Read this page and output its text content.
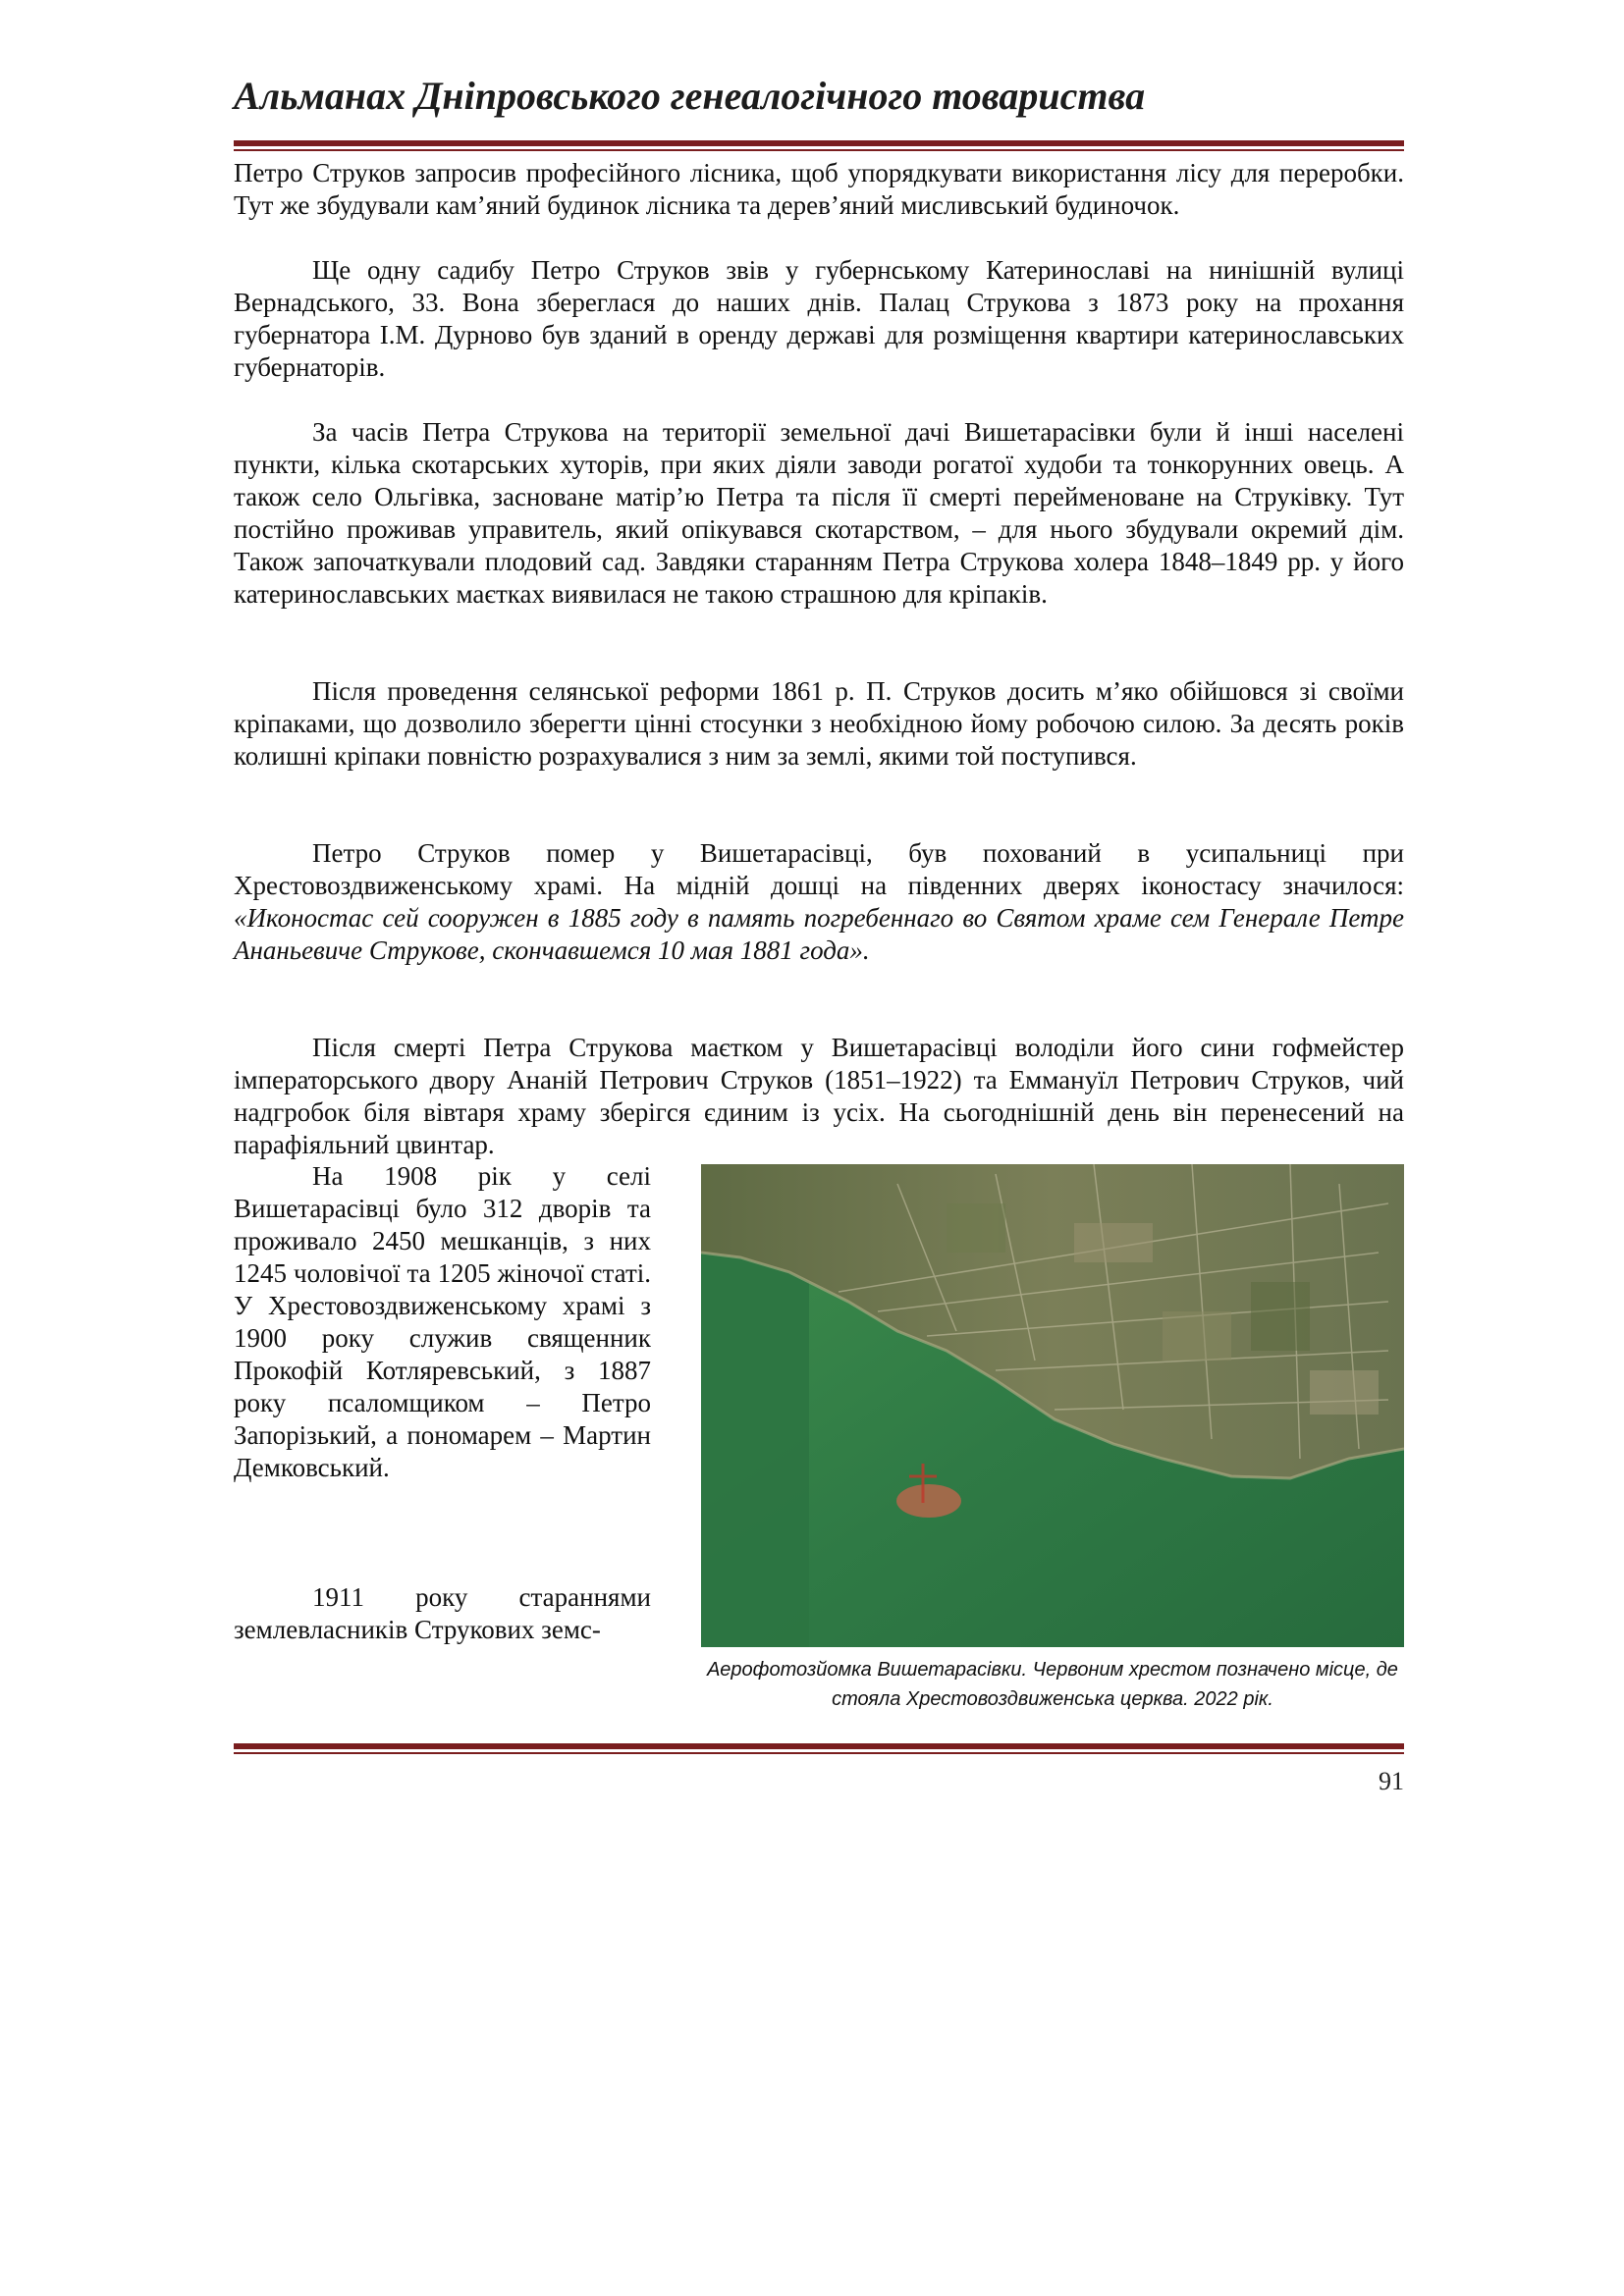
Альманах Дніпровського генеалогічного товариства

Петро Струков запросив професійного лісника, щоб упорядкувати використання лісу для переробки. Тут же збудували кам’яний будинок лісника та дерев’яний мисливський будиночок.

Ще одну садибу Петро Струков звів у губернському Катеринославі на нинішній вулиці Вернадського, 33. Вона збереглася до наших днів. Палац Струкова з 1873 року на прохання губернатора І.М. Дурново був зданий в оренду державі для розміщення квартири катеринославських губернаторів.

За часів Петра Струкова на території земельної дачі Вишетарасівки були й інші населені пункти, кілька скотарських хуторів, при яких діяли заводи рогатої худоби та тонкорунних овець. А також село Ольгівка, засноване матір’ю Петра та після її смерті перейменоване на Струківку. Тут постійно проживав управитель, який опікувався скотарством, – для нього збудували окремий дім. Також започаткували плодовий сад. Завдяки старанням Петра Струкова холера 1848–1849 рр. у його катеринославських маєтках виявилася не такою страшною для кріпаків.

Після проведення селянської реформи 1861 р. П. Струков досить м’яко обійшовся зі своїми кріпаками, що дозволило зберегти цінні стосунки з необхідною йому робочою силою. За десять років колишні кріпаки повністю розрахувалися з ним за землі, якими той поступився.

Петро Струков помер у Вишетарасівці, був похований в усипальниці при Хрестовоздвиженському храмі. На мідній дошці на південних дверях іконостасу значилося: «Иконостас сей сооружен в 1885 году в память погребеннаго во Святом храме сем Генерале Петре Ананьевиче Струкове, скончавшемся 10 мая 1881 года».

Після смерті Петра Струкова маєтком у Вишетарасівці володіли його сини гофмейстер імператорського двору Ананій Петрович Струков (1851–1922) та Еммануїл Петрович Струков, чий надгробок біля вівтаря храму зберігся єдиним із усіх. На сьогоднішній день він перенесений на парафіяльний цвинтар.

На 1908 рік у селі Вишетарасівці було 312 дворів та проживало 2450 мешканців, з них 1245 чоловічої та 1205 жіночої статі. У Хрестовоздвиженському храмі з 1900 року служив священник Прокофій Котляревський, з 1887 року псаломщиком – Петро Запорізький, а пономарем – Мартин Демковський.

1911 року стараннями землевласників Струкових земс-

Аерофотозйомка Вишетарасівки. Червоним хрестом позначено місце, де стояла Хрестовоздвиженська церква. 2022 рік.

91
